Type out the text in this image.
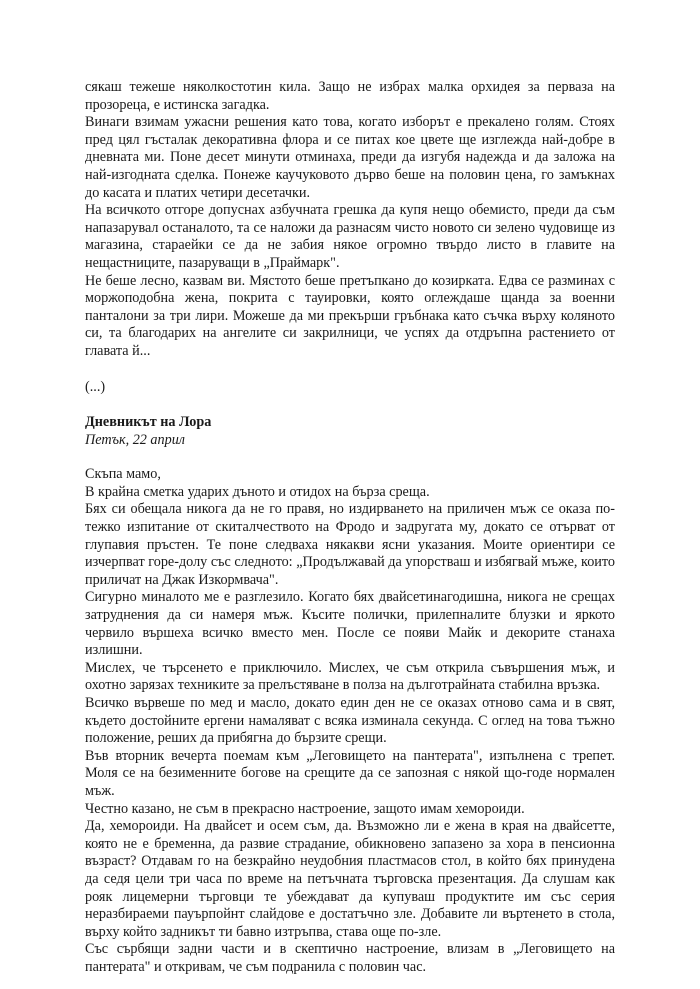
сякаш тежеше няколкостотин кила. Защо не избрах малка орхидея за перваза на прозореца, е истинска загадка.

Винаги взимам ужасни решения като това, когато изборът е прекалено голям. Стоях пред цял гъсталак декоративна флора и се питах кое цвете ще изглежда най-добре в дневната ми. Поне десет минути отминаха, преди да изгубя надежда и да заложа на най-изгодната сделка. Понеже каучуковото дърво беше на половин цена, го замъкнах до касата и платих четири десетачки.

На всичкото отгоре допуснах азбучната грешка да купя нещо обемисто, преди да съм напазарувал останалото, та се наложи да разнасям чисто новото си зелено чудовище из магазина, стараейки се да не забия някое огромно твърдо листо в главите на нещастниците, пазаруващи в „Праймарк".

Не беше лесно, казвам ви. Мястото беше претъпкано до козирката. Едва се разминах с моржоподобна жена, покрита с тауировки, която оглеждаше щанда за военни панталони за три лири. Можеше да ми прекърши гръбнака като съчка върху коляното си, та благодарих на ангелите си закрилници, че успях да отдръпна растението от главата й...

(...)

Дневникът на Лора

Петък, 22 април

Скъпа мамо,

В крайна сметка ударих дъното и отидох на бърза среща.

Бях си обещала никога да не го правя, но издирването на приличен мъж се оказа по-тежко изпитание от скиталчеството на Фродо и задругата му, докато се отърват от глупавия пръстен. Те поне следваха някакви ясни указания. Моите ориентири се изчерпват горе-долу със следното: „Продължавай да упорстваш и избягвай мъже, които приличат на Джак Изкормвача".

Сигурно миналото ме е разглезило. Когато бях двайсетинагодишна, никога не срещах затруднения да си намеря мъж. Късите полички, прилепналите блузки и яркото червило вършеха всичко вместо мен. После се появи Майк и декорите станаха излишни.

Мислех, че търсенето е приключило. Мислех, че съм открила съвършения мъж, и охотно зарязах техниките за прелъстяване в полза на дълготрайната стабилна връзка.

Всичко вървеше по мед и масло, докато един ден не се оказах отново сама и в свят, където достойните ергени намаляват с всяка изминала секунда. С оглед на това тъжно положение, реших да прибягна до бързите срещи.

Във вторник вечерта поемам към „Леговището на пантерата", изпълнена с трепет. Моля се на безименните богове на срещите да се запозная с някой що-годе нормален мъж.

Честно казано, не съм в прекрасно настроение, защото имам хемороиди.

Да, хемороиди. На двайсет и осем съм, да. Възможно ли е жена в края на двайсетте, която не е бременна, да развие страдание, обикновено запазено за хора в пенсионна възраст? Отдавам го на безкрайно неудобния пластмасов стол, в който бях принудена да седя цели три часа по време на петъчната търговска презентация. Да слушам как рояк лицемерни търговци те убеждават да купуваш продуктите им със серия неразбираеми пауърпойнт слайдове е достатъчно зле. Добавите ли въртенето в стола, върху който задникът ти бавно изтръпва, става още по-зле.

Със сърбящи задни части и в скептично настроение, влизам в „Леговището на пантерата" и откривам, че съм подранила с половин час.
